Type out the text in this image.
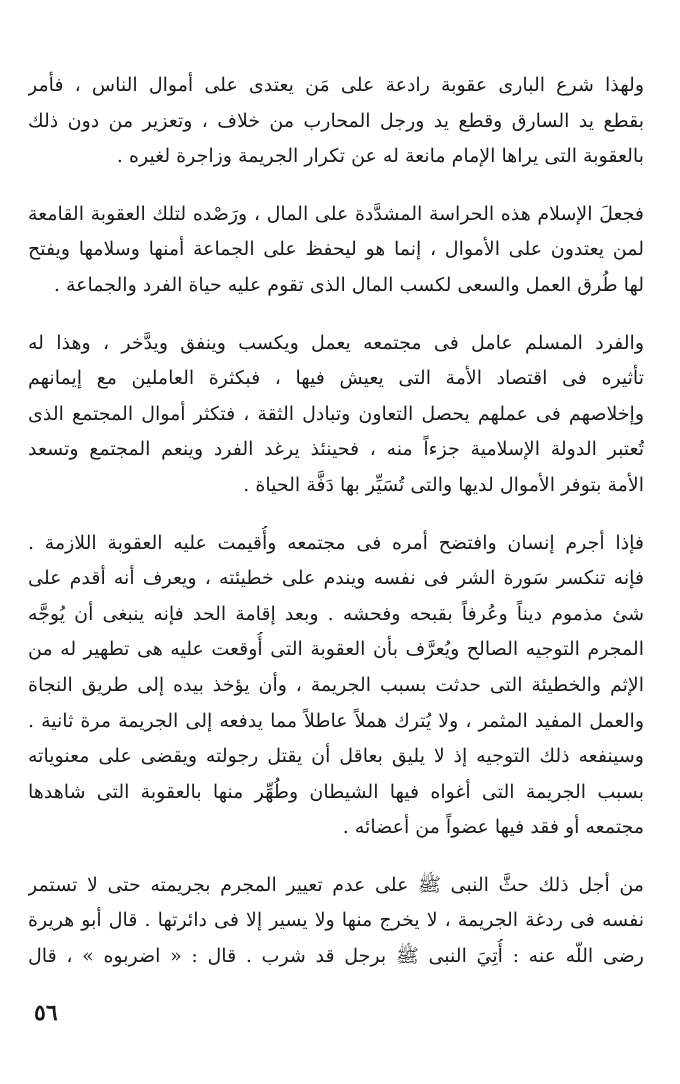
ولهذا شرع البارى عقوبة رادعة على مَن يعتدى على أموال الناس ، فأمر
بقطع يد السارق وقطع يد ورجل المحارب من خلاف ، وتعزير من دون ذلك
بالعقوبة التى يراها الإمام مانعة له عن تكرار الجريمة وزاجرة لغيره .
فجعلَ الإسلام هذه الحراسة المشدَّدة على المال ، ورَصْده لتلك العقوبة القامعة
لمن يعتدون على الأموال ، إنما هو ليحفظ على الجماعة أمنها وسلامها ويفتح
لها طُرق العمل والسعى لكسب المال الذى تقوم عليه حياة الفرد والجماعة .
والفرد المسلم عامل فى مجتمعه يعمل ويكسب وينفق ويدَّخر ، وهذا له
تأثيره فى اقتصاد الأمة التى يعيش فيها ، فبكثرة العاملين مع إيمانهم
وإخلاصهم فى عملهم يحصل التعاون وتبادل الثقة ، فتكثر أموال المجتمع الذى
تُعتبر الدولة الإسلامية جزءاً منه ، فحينئذ يرغد الفرد وينعم المجتمع وتسعد
الأمة بتوفر الأموال لديها والتى تُسَيِّر بها دَفَّة الحياة .
فإذا أجرم إنسان وافتضح أمره فى مجتمعه وأُقيمت عليه العقوبة اللازمة .
فإنه تنكسر سَورة الشر فى نفسه ويندم على خطيئته ، ويعرف أنه أقدم على
شئ مذموم ديناً وعُرفاً بقبحه وفحشه . وبعد إقامة الحد فإنه ينبغى أن يُوجَّه
المجرم التوجيه الصالح ويُعرَّف بأن العقوبة التى أُوقعت عليه هى تطهير له من
الإثم والخطيئة التى حدثت بسبب الجريمة ، وأن يؤخذ بيده إلى طريق النجاة
والعمل المفيد المثمر ، ولا يُترك هملاً عاطلاً مما يدفعه إلى الجريمة مرة ثانية .
وسينفعه ذلك التوجيه إذ لا يليق بعاقل أن يقتل رجولته ويقضى على معنوياته
بسبب الجريمة التى أغواه فيها الشيطان وطُهِّر منها بالعقوبة التى شاهدها
مجتمعه أو فقد فيها عضواً من أعضائه .
من أجل ذلك حثَّ النبى ﷺ على عدم تعيير المجرم بجريمته حتى لا تستمر
نفسه فى ردغة الجريمة ، لا يخرج منها ولا يسير إلا فى دائرتها . قال أبو هريرة
رضى اللّه عنه : أُتِيَ النبى ﷺ برجل قد شرب . قال : « اضربوه » ، قال
٥٦
